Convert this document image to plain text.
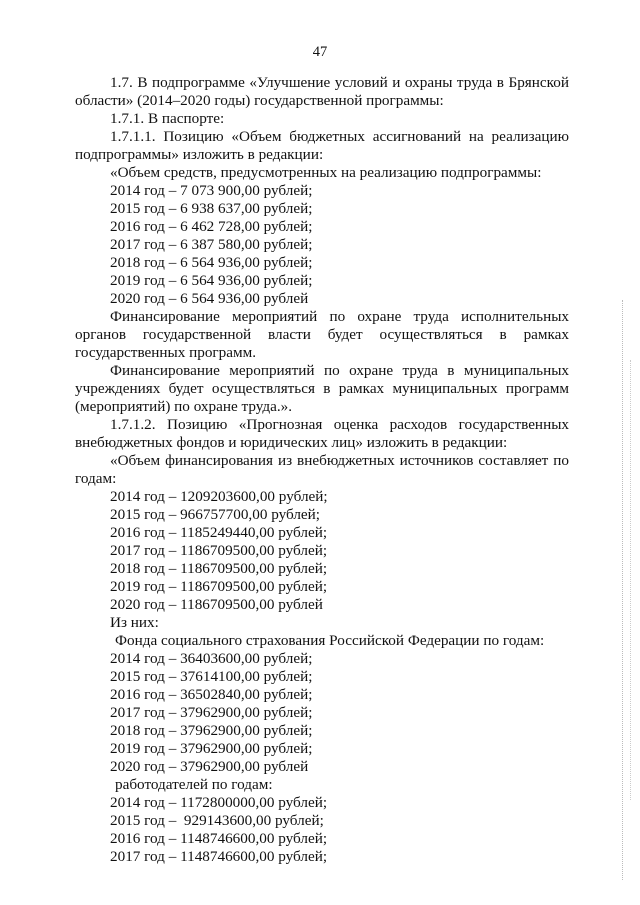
47
1.7. В подпрограмме «Улучшение условий и охраны труда в Брянской
области» (2014–2020 годы) государственной программы:
1.7.1. В паспорте:
1.7.1.1. Позицию «Объем бюджетных ассигнований на реализацию
подпрограммы» изложить в редакции:
«Объем средств, предусмотренных на реализацию подпрограммы:
2014 год – 7 073 900,00 рублей;
2015 год – 6 938 637,00 рублей;
2016 год – 6 462 728,00 рублей;
2017 год – 6 387 580,00 рублей;
2018 год – 6 564 936,00 рублей;
2019 год – 6 564 936,00 рублей;
2020 год – 6 564 936,00 рублей
Финансирование мероприятий по охране труда исполнительных
органов государственной власти будет осуществляться в рамках
государственных программ.
Финансирование мероприятий по охране труда в муниципальных
учреждениях будет осуществляться в рамках муниципальных программ
(мероприятий) по охране труда.».
1.7.1.2. Позицию «Прогнозная оценка расходов государственных
внебюджетных фондов и юридических лиц» изложить в редакции:
«Объем финансирования из внебюджетных источников составляет по
годам:
2014 год – 1209203600,00 рублей;
2015 год – 966757700,00 рублей;
2016 год – 1185249440,00 рублей;
2017 год – 1186709500,00 рублей;
2018 год – 1186709500,00 рублей;
2019 год – 1186709500,00 рублей;
2020 год – 1186709500,00 рублей
Из них:
Фонда социального страхования Российской Федерации по годам:
2014 год – 36403600,00 рублей;
2015 год – 37614100,00 рублей;
2016 год – 36502840,00 рублей;
2017 год – 37962900,00 рублей;
2018 год – 37962900,00 рублей;
2019 год – 37962900,00 рублей;
2020 год – 37962900,00 рублей
работодателей по годам:
2014 год – 1172800000,00 рублей;
2015 год –  929143600,00 рублей;
2016 год – 1148746600,00 рублей;
2017 год – 1148746600,00 рублей;
